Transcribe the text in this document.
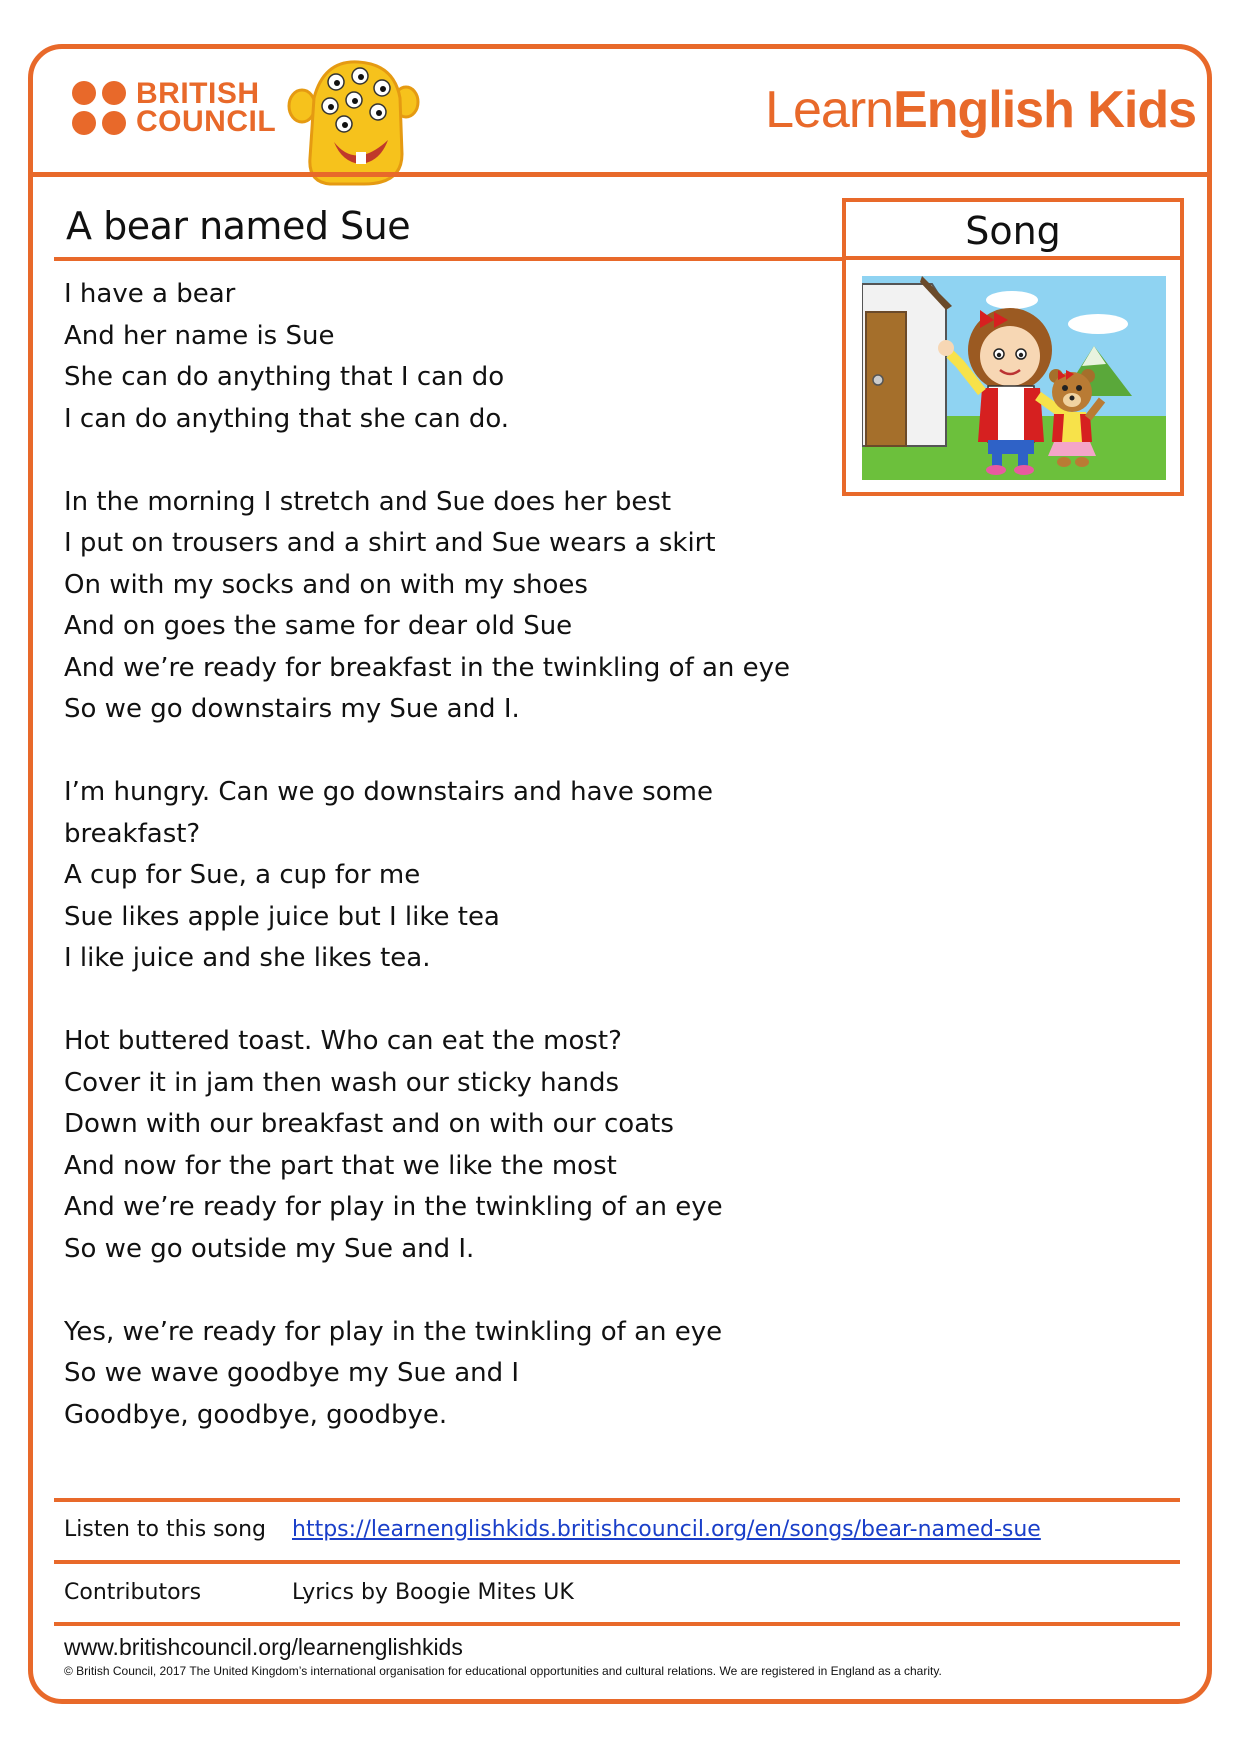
BRITISH
COUNCIL	LearnEnglish Kids
A bear named Sue	Song
I have a bear
And her name is Sue
She can do anything that I can do
I can do anything that she can do.
In the morning I stretch and Sue does her best
I put on trousers and a shirt and Sue wears a skirt
On with my socks and on with my shoes
And on goes the same for dear old Sue
And we’re ready for breakfast in the twinkling of an eye
So we go downstairs my Sue and I.
I’m hungry. Can we go downstairs and have some
breakfast?
A cup for Sue, a cup for me
Sue likes apple juice but I like tea
I like juice and she likes tea.
Hot buttered toast. Who can eat the most?
Cover it in jam then wash our sticky hands
Down with our breakfast and on with our coats
And now for the part that we like the most
And we’re ready for play in the twinkling of an eye
So we go outside my Sue and I.
Yes, we’re ready for play in the twinkling of an eye
So we wave goodbye my Sue and I
Goodbye, goodbye, goodbye.
Listen to this song https://learnenglishkids.britishcouncil.org/en/songs/bear-named-sue
Contributors	Lyrics by Boogie Mites UK
www.britishcouncil.org/learnenglishkids
© British Council, 2017 The United Kingdom’s international organisation for educational opportunities and cultural relations. We are registered in England as a charity.
